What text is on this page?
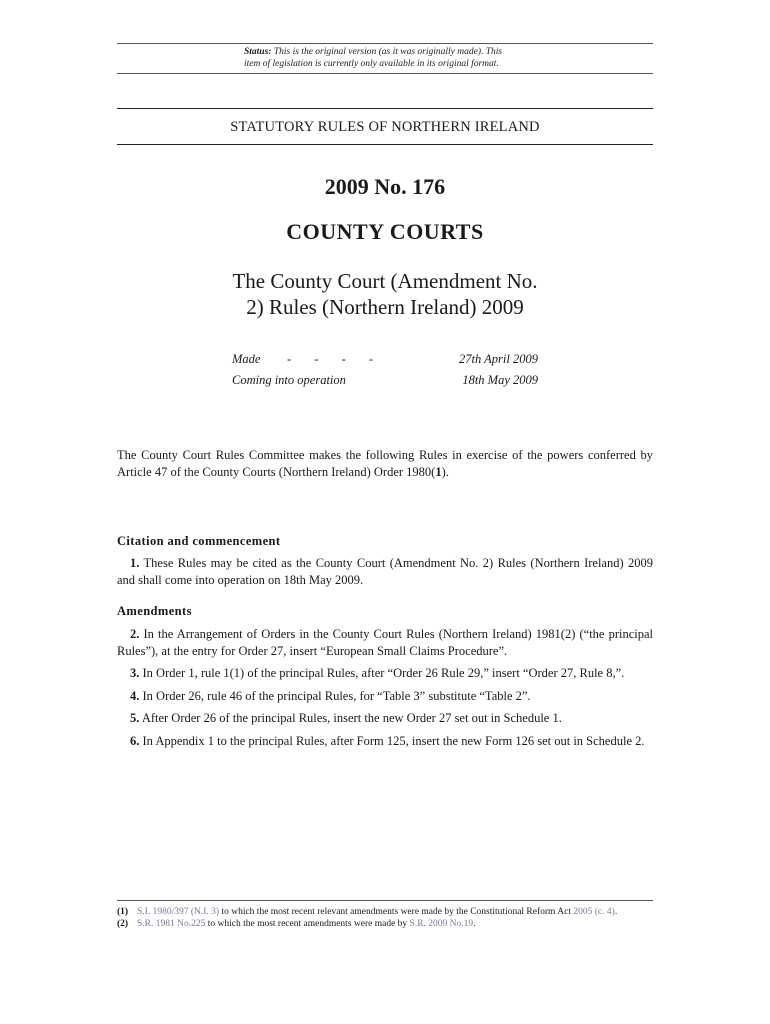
Status: This is the original version (as it was originally made). This

item of legislation is currently only available in its original format.

STATUTORY RULES OF NORTHERN IRELAND
2009 No. 176
COUNTY COURTS
The County Court (Amendment No.
2) Rules (Northern Ireland) 2009
Made - - - -	27th April 2009
Coming into operation	18th May 2009
The County Court Rules Committee makes the following Rules in exercise of the powers conferred by Article 47 of the County Courts (Northern Ireland) Order 1980(1).
Citation and commencement

1. These Rules may be cited as the County Court (Amendment No. 2) Rules (Northern Ireland) 2009 and shall come into operation on 18th May 2009.

Amendments

2. In the Arrangement of Orders in the County Court Rules (Northern Ireland) 1981(2) (“the principal Rules”), at the entry for Order 27, insert “European Small Claims Procedure”.

3. In Order 1, rule 1(1) of the principal Rules, after “Order 26 Rule 29,” insert “Order 27, Rule 8,”.

4. In Order 26, rule 46 of the principal Rules, for “Table 3” substitute “Table 2”.

5. After Order 26 of the principal Rules, insert the new Order 27 set out in Schedule 1.

6. In Appendix 1 to the principal Rules, after Form 125, insert the new Form 126 set out in Schedule 2.

(1) S.I. 1980/397 (N.I. 3) to which the most recent relevant amendments were made by the Constitutional Reform Act 2005 (c. 4).

(2) S.R. 1981 No.225 to which the most recent amendments were made by S.R. 2009 No.19.
